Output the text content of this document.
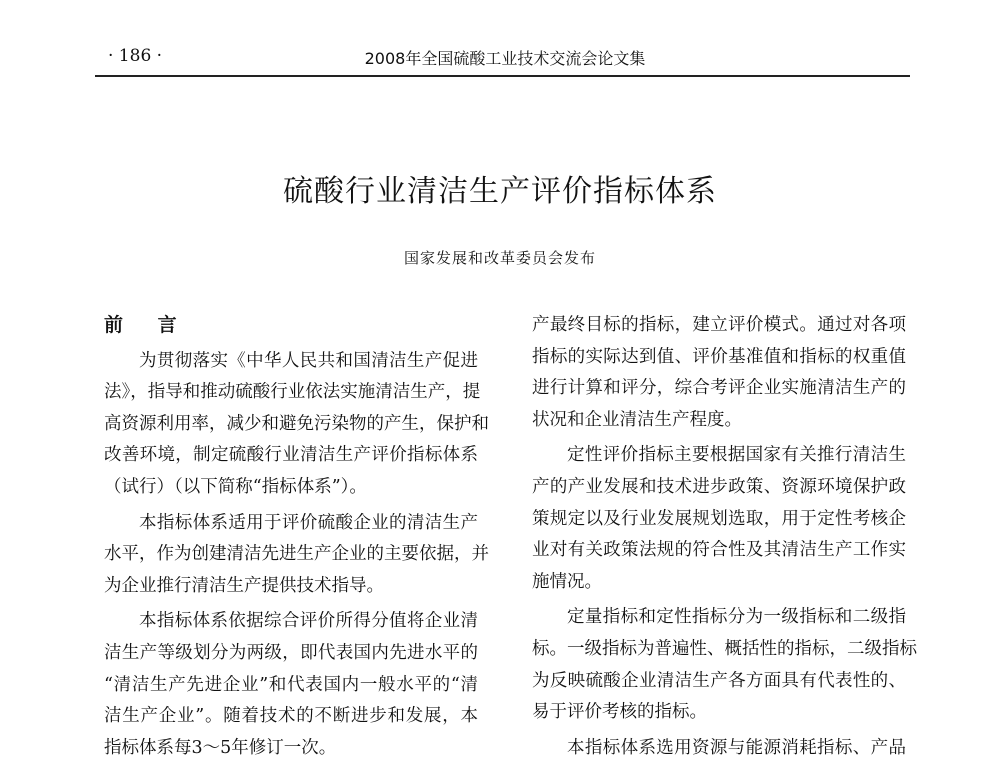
· 186 ·	2008年全国硫酸工业技术交流会论文集
硫酸行业清洁生产评价指标体系
国家发展和改革委员会发布
前 言
为贯彻落实《中华人民共和国清洁生产促进
法》，指导和推动硫酸行业依法实施清洁生产，提
高资源利用率，减少和避免污染物的产生，保护和
改善环境，制定硫酸行业清洁生产评价指标体系
（试行）（以下简称“指标体系”）。
本指标体系适用于评价硫酸企业的清洁生产
水平，作为创建清洁先进生产企业的主要依据，并
为企业推行清洁生产提供技术指导。
本指标体系依据综合评价所得分值将企业清
洁生产等级划分为两级，即代表国内先进水平的
“清洁生产先进企业”和代表国内一般水平的“清
洁生产企业”。随着技术的不断进步和发展，本
指标体系每3～5年修订一次。
产最终目标的指标，建立评价模式。通过对各项
指标的实际达到值、评价基准值和指标的权重值
进行计算和评分，综合考评企业实施清洁生产的
状况和企业清洁生产程度。
定性评价指标主要根据国家有关推行清洁生
产的产业发展和技术进步政策、资源环境保护政
策规定以及行业发展规划选取，用于定性考核企
业对有关政策法规的符合性及其清洁生产工作实
施情况。
定量指标和定性指标分为一级指标和二级指
标。一级指标为普遍性、概括性的指标，二级指标
为反映硫酸企业清洁生产各方面具有代表性的、
易于评价考核的指标。
本指标体系选用资源与能源消耗指标、产品
